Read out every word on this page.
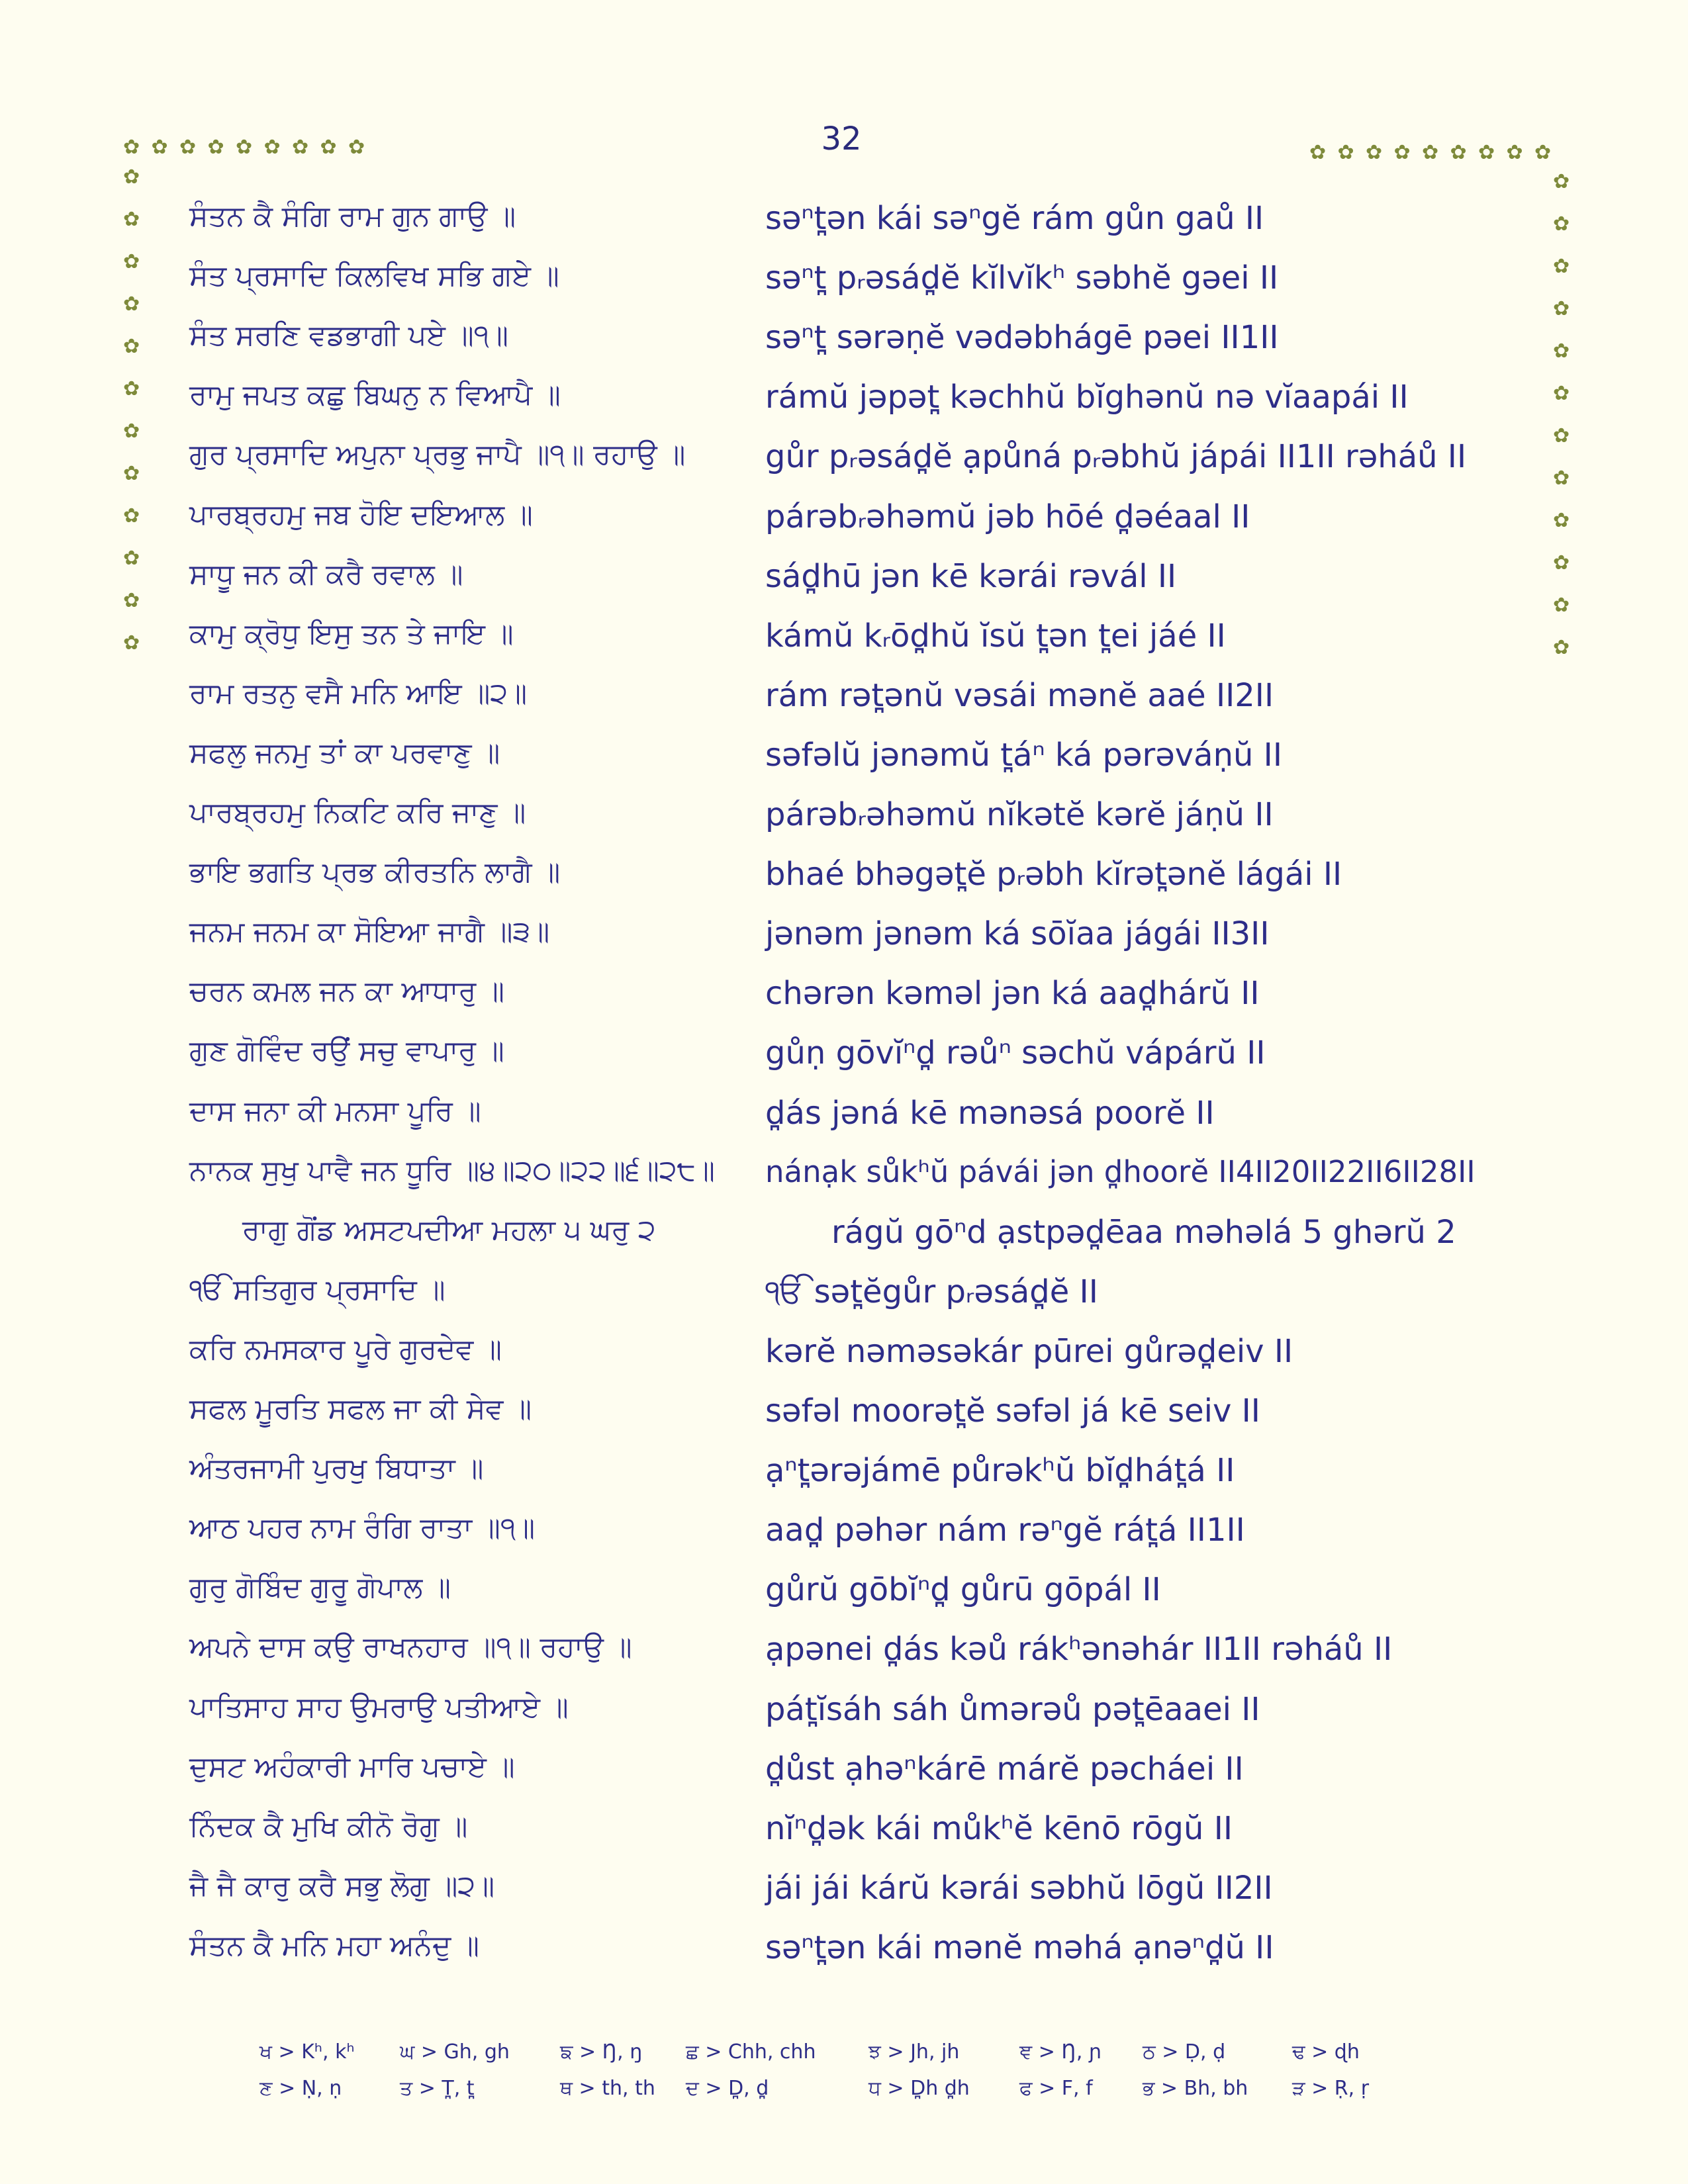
32
✿ ✿ ✿ ✿ ✿ ✿ ✿ ✿ ✿	✿ ✿ ✿ ✿ ✿ ✿ ✿ ✿ ✿
✿
✿
✿
✿
✿
✿
✿
✿
✿
✿
✿
✿
✿
✿
✿
✿
✿
✿
✿
✿
✿
✿
✿
✿
ਸੰਤਨ ਕੈ ਸੰਗਿ ਰਾਮ ਗੁਨ ਗਾਉ ॥	səⁿt̪ən kái səⁿgĕ rám gůn gaů II
ਸੰਤ ਪ੍ਰਸਾਦਿ ਕਿਲਵਿਖ ਸਭਿ ਗਏ ॥	səⁿt̪ pᵣəsád̪ĕ kĭlvĭkʰ səbhĕ gəei II
ਸੰਤ ਸਰਣਿ ਵਡਭਾਗੀ ਪਏ ॥੧॥	səⁿt̪ sərəṇĕ vədəbhágē pəei II1II
ਰਾਮੁ ਜਪਤ ਕਛੁ ਬਿਘਨੁ ਨ ਵਿਆਪੈ ॥	rámŭ jəpət̪ kəchhŭ bĭghənŭ nə vĭaapái II
ਗੁਰ ਪ੍ਰਸਾਦਿ ਅਪੁਨਾ ਪ੍ਰਭੁ ਜਾਪੈ ॥੧॥ ਰਹਾਉ ॥	gůr pᵣəsád̪ĕ ạpůná pᵣəbhŭ jápái II1II rəháů II
ਪਾਰਬ੍ਰਹਮੁ ਜਬ ਹੋਇ ਦਇਆਲ ॥	párəbᵣəhəmŭ jəb hōé d̪əéaal II
ਸਾਧੂ ਜਨ ਕੀ ਕਰੈ ਰਵਾਲ ॥	sád̪hū jən kē kərái rəvál II
ਕਾਮੁ ਕ੍ਰੋਧੁ ਇਸੁ ਤਨ ਤੇ ਜਾਇ ॥	kámŭ kᵣōd̪hŭ ĭsŭ t̪ən t̪ei jáé II
ਰਾਮ ਰਤਨੁ ਵਸੈ ਮਨਿ ਆਇ ॥੨॥	rám rət̪ənŭ vəsái mənĕ aaé II2II
ਸਫਲੁ ਜਨਮੁ ਤਾਂ ਕਾ ਪਰਵਾਣੁ ॥	səfəlŭ jənəmŭ t̪áⁿ ká pərəváṇŭ II
ਪਾਰਬ੍ਰਹਮੁ ਨਿਕਟਿ ਕਰਿ ਜਾਣੁ ॥	párəbᵣəhəmŭ nĭkətĕ kərĕ jáṇŭ II
ਭਾਇ ਭਗਤਿ ਪ੍ਰਭ ਕੀਰਤਨਿ ਲਾਗੈ ॥	bhaé bhəgət̪ĕ pᵣəbh kĭrət̪ənĕ lágái II
ਜਨਮ ਜਨਮ ਕਾ ਸੋਇਆ ਜਾਗੈ ॥੩॥	jənəm jənəm ká sōĭaa jágái II3II
ਚਰਨ ਕਮਲ ਜਨ ਕਾ ਆਧਾਰੁ ॥	chərən kəməl jən ká aad̪hárŭ II
ਗੁਣ ਗੋਵਿੰਦ ਰਉਂ ਸਚੁ ਵਾਪਾਰੁ ॥	gůṇ gōvĭⁿd̪ rəůⁿ səchŭ vápárŭ II
ਦਾਸ ਜਨਾ ਕੀ ਮਨਸਾ ਪੂਰਿ ॥	d̪ás jəná kē mənəsá poorĕ II
ਨਾਨਕ ਸੁਖੁ ਪਾਵੈ ਜਨ ਧੂਰਿ ॥੪॥੨੦॥੨੨॥੬॥੨੮॥	nánạk sůkʰŭ pávái jən d̪hoorĕ II4II20II22II6II28II
ਰਾਗੁ ਗੋਂਡ ਅਸਟਪਦੀਆ ਮਹਲਾ ੫ ਘਰੁ ੨	rágŭ gōⁿd ạstpəd̪ēaa məhəlá 5 ghərŭ 2
ੴ ਸਤਿਗੁਰ ਪ੍ਰਸਾਦਿ ॥	ੴ sət̪ĕgůr pᵣəsád̪ĕ II
ਕਰਿ ਨਮਸਕਾਰ ਪੂਰੇ ਗੁਰਦੇਵ ॥	kərĕ nəməsəkár pūrei gůrəd̪eiv II
ਸਫਲ ਮੂਰਤਿ ਸਫਲ ਜਾ ਕੀ ਸੇਵ ॥	səfəl moorət̪ĕ səfəl já kē seiv II
ਅੰਤਰਜਾਮੀ ਪੁਰਖੁ ਬਿਧਾਤਾ ॥	ạⁿt̪ərəjámē půrəkʰŭ bĭd̪hát̪á II
ਆਠ ਪਹਰ ਨਾਮ ਰੰਗਿ ਰਾਤਾ ॥੧॥	aad̪ pəhər nám rəⁿgĕ rát̪á II1II
ਗੁਰੁ ਗੋਬਿੰਦ ਗੁਰੂ ਗੋਪਾਲ ॥	gůrŭ gōbĭⁿd̪ gůrū gōpál II
ਅਪਨੇ ਦਾਸ ਕਉ ਰਾਖਨਹਾਰ ॥੧॥ ਰਹਾਉ ॥	ạpənei d̪ás kəů rákʰənəhár II1II rəháů II
ਪਾਤਿਸਾਹ ਸਾਹ ਉਮਰਾਉ ਪਤੀਆਏ ॥	pát̪ĭsáh sáh ůmərəů pət̪ēaaei II
ਦੁਸਟ ਅਹੰਕਾਰੀ ਮਾਰਿ ਪਚਾਏ ॥	d̪ůst ạhəⁿkárē márĕ pəcháei II
ਨਿੰਦਕ ਕੈ ਮੁਖਿ ਕੀਨੋ ਰੋਗੁ ॥	nĭⁿd̪ək kái můkʰĕ kēnō rōgŭ II
ਜੈ ਜੈ ਕਾਰੁ ਕਰੈ ਸਭੁ ਲੋਗੁ ॥੨॥	jái jái kárŭ kərái səbhŭ lōgŭ II2II
ਸੰਤਨ ਕੈ ਮਨਿ ਮਹਾ ਅਨੰਦੁ ॥	səⁿt̪ən kái mənĕ məhá ạnəⁿd̪ŭ II
ਖ > Kʰ, kʰ ਘ > Gh, gh	ਙ > Ŋ, ŋ ਛ > Chh, chh	ਝ > Jh, jh	ਞ > Ŋ, ɲ ਠ > Ḍ, ḍ	ਢ > ɖh
ਣ > Ṇ, ṇ	ਤ > T̪, t̪	ਥ > th, th ਦ > D̪, d̪	ਧ > D̪h d̪h	ਫ > F, f	ਭ > Bh, bh ੜ > Ṛ, ṛ
